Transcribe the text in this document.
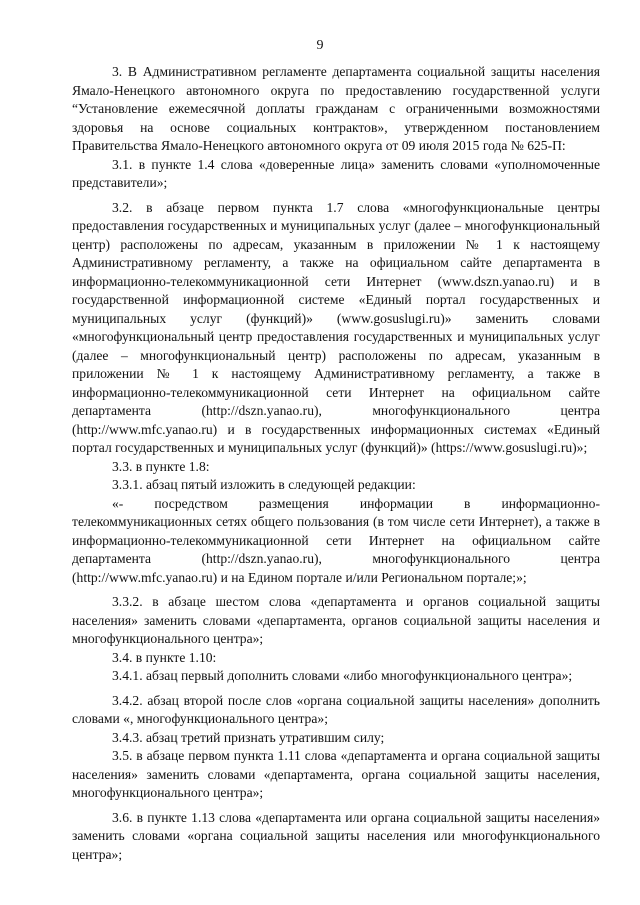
9

3. В Административном регламенте департамента социальной защиты населения Ямало-Ненецкого автономного округа по предоставлению государственной услуги “Установление ежемесячной доплаты гражданам с ограниченными возможностями здоровья на основе социальных контрактов», утвержденном постановлением Правительства Ямало-Ненецкого автономного округа от 09 июля 2015 года № 625-П:

3.1. в пункте 1.4 слова «доверенные лица» заменить словами «уполномоченные представители»;

3.2. в абзаце первом пункта 1.7 слова «многофункциональные центры предоставления государственных и муниципальных услуг (далее – многофункциональный центр) расположены по адресам, указанным в приложении № 1 к настоящему Административному регламенту, а также на официальном сайте департамента в информационно-телекоммуникационной сети Интернет (www.dszn.yanao.ru) и в государственной информационной системе «Единый портал государственных и муниципальных услуг (функций)» (www.gosuslugi.ru)» заменить словами «многофункциональный центр предоставления государственных и муниципальных услуг (далее – многофункциональный центр) расположены по адресам, указанным в приложении № 1 к настоящему Административному регламенту, а также в информационно-телекоммуникационной сети Интернет на официальном сайте департамента (http://dszn.yanao.ru), многофункционального центра (http://www.mfc.yanao.ru) и в государственных информационных системах «Единый портал государственных и муниципальных услуг (функций)» (https://www.gosuslugi.ru)»;

3.3. в пункте 1.8:

3.3.1. абзац пятый изложить в следующей редакции:

«- посредством размещения информации в информационно-телекоммуникационных сетях общего пользования (в том числе сети Интернет), а также в информационно-телекоммуникационной сети Интернет на официальном сайте департамента (http://dszn.yanao.ru), многофункционального центра (http://www.mfc.yanao.ru) и на Едином портале и/или Региональном портале;»;

3.3.2. в абзаце шестом слова «департамента и органов социальной защиты населения» заменить словами «департамента, органов социальной защиты населения и многофункционального центра»;

3.4. в пункте 1.10:

3.4.1. абзац первый дополнить словами «либо многофункционального центра»;

3.4.2. абзац второй после слов «органа социальной защиты населения» дополнить словами «, многофункционального центра»;

3.4.3. абзац третий признать утратившим силу;

3.5. в абзаце первом пункта 1.11 слова «департамента и органа социальной защиты населения» заменить словами «департамента, органа социальной защиты населения, многофункционального центра»;

3.6. в пункте 1.13 слова «департамента или органа социальной защиты населения» заменить словами «органа социальной защиты населения или многофункционального центра»;
